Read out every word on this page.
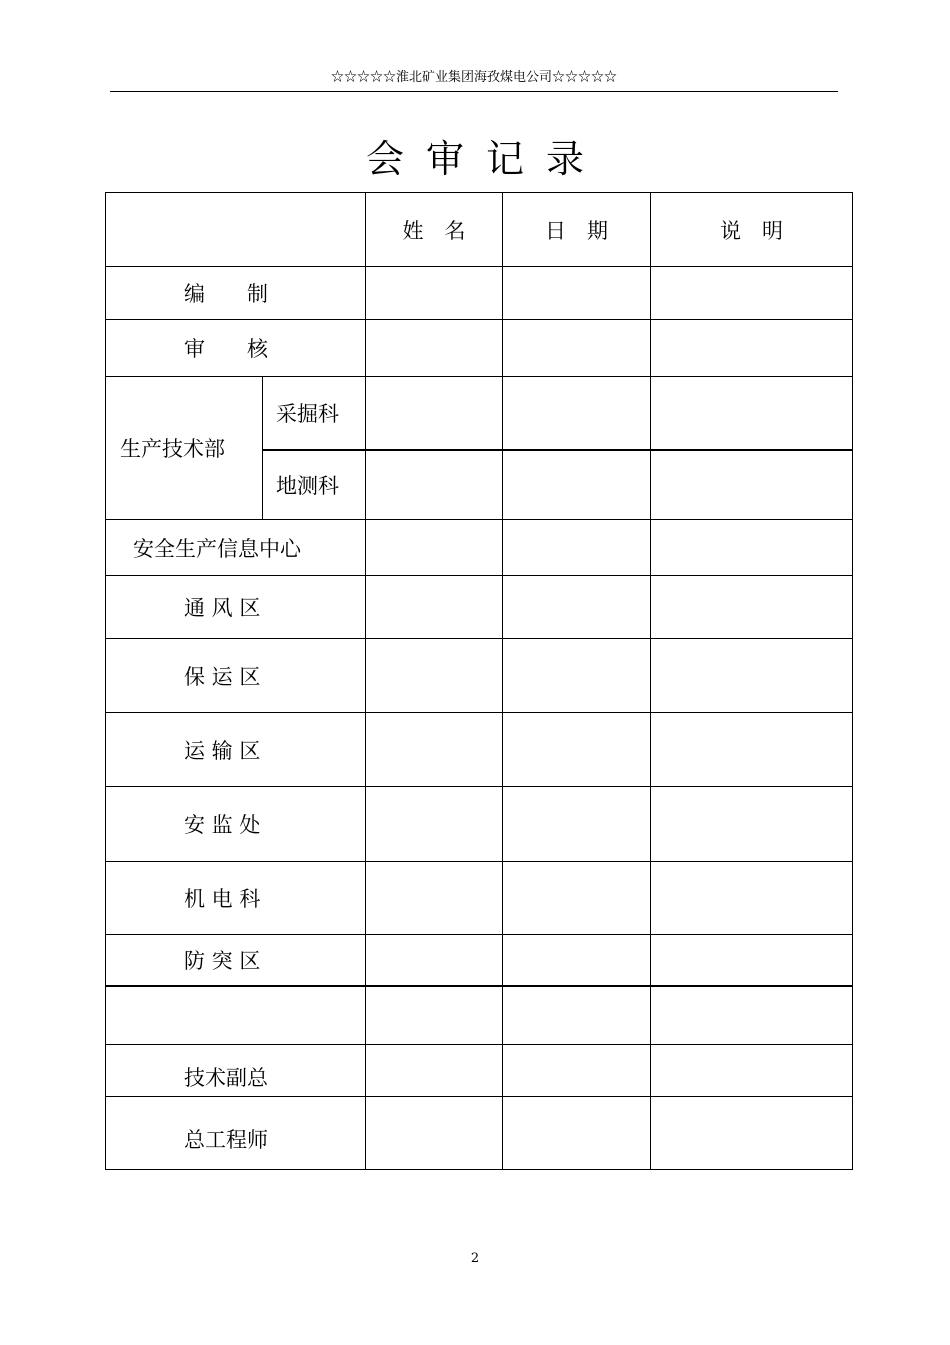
☆☆☆☆☆淮北矿业集团海孜煤电公司☆☆☆☆☆
会审记录
姓　名	日　期	说　明
编　　制
审　　核
生产技术部
采掘科
地测科
安全生产信息中心
通 风 区
保 运 区
运 输 区
安 监 处
机 电 科
防 突 区
技术副总
总工程师
2
